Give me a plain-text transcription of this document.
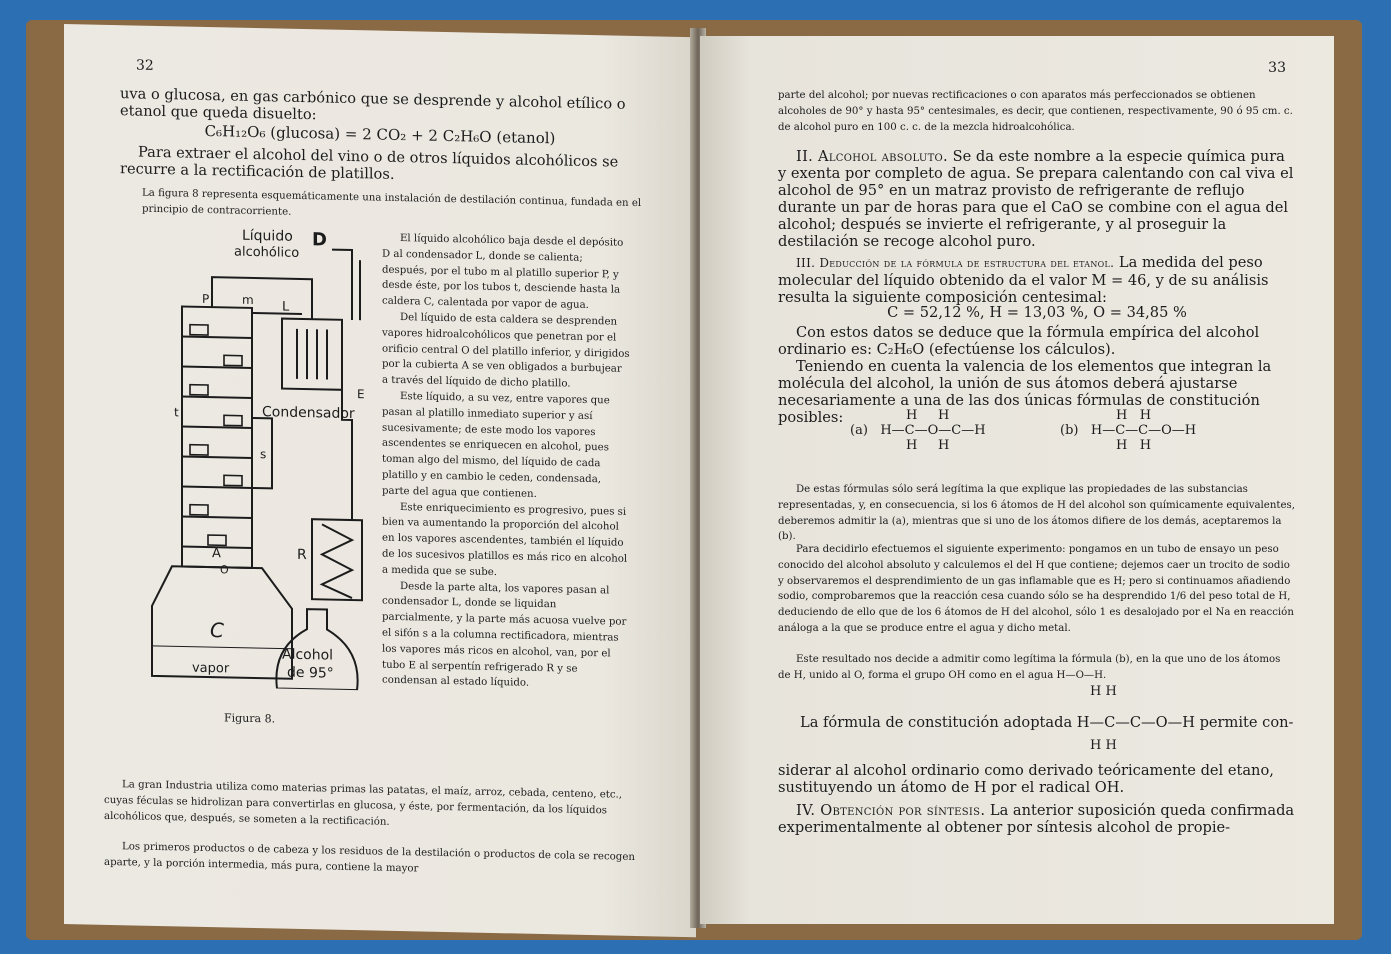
32
uva o glucosa, en gas carbónico que se desprende y alcohol etílico o etanol que queda disuelto:
C₆H₁₂O₆ (glucosa) = 2 CO₂ + 2 C₂H₆O (etanol)
Para extraer el alcohol del vino o de otros líquidos alcohólicos se recurre a la rectificación de platillos.
La figura 8 representa esquemáticamente una instalación de destilación continua, fundada en el principio de contracorriente.
Líquido
alcohólico
D
L
m
P
t
E
Condensador
s
R
A
O
C
vapor
Alcohol
de 95°
Figura 8.

El líquido alcohólico baja desde el depósito D al condensador L, donde se calienta; después, por el tubo m al platillo superior P, y desde éste, por los tubos t, desciende hasta la caldera C, calentada por vapor de agua.

Del líquido de esta caldera se desprenden vapores hidroalcohólicos que penetran por el orificio central O del platillo inferior, y dirigidos por la cubierta A se ven obligados a burbujear a través del líquido de dicho platillo.

Este líquido, a su vez, entre vapores que pasan al platillo inmediato superior y así sucesivamente; de este modo los vapores ascendentes se enriquecen en alcohol, pues toman algo del mismo, del líquido de cada platillo y en cambio le ceden, condensada, parte del agua que contienen.

Este enriquecimiento es progresivo, pues si bien va aumentando la proporción del alcohol en los vapores ascendentes, también el líquido de los sucesivos platillos es más rico en alcohol a medida que se sube.

Desde la parte alta, los vapores pasan al condensador L, donde se liquidan parcialmente, y la parte más acuosa vuelve por el sifón s a la columna rectificadora, mientras los vapores más ricos en alcohol, van, por el tubo E al serpentín refrigerado R y se condensan al estado líquido.

La gran Industria utiliza como materias primas las patatas, el maíz, arroz, cebada, centeno, etc., cuyas féculas se hidrolizan para convertirlas en glucosa, y éste, por fermentación, da los líquidos alcohólicos que, después, se someten a la rectificación.
Los primeros productos o de cabeza y los residuos de la destilación o productos de cola se recogen aparte, y la porción intermedia, más pura, contiene la mayor
33
parte del alcohol; por nuevas rectificaciones o con aparatos más perfeccionados se obtienen alcoholes de 90° y hasta 95° centesimales, es decir, que contienen, respectivamente, 90 ó 95 cm. c. de alcohol puro en 100 c. c. de la mezcla hidroalcohólica.
II. Alcohol absoluto. Se da este nombre a la especie química pura y exenta por completo de agua. Se prepara calentando con cal viva el alcohol de 95° en un matraz provisto de refrigerante de reflujo durante un par de horas para que el CaO se combine con el agua del alcohol; después se invierte el refrigerante, y al proseguir la destilación se recoge alcohol puro.
III. Deducción de la fórmula de estructura del etanol. La medida del peso molecular del líquido obtenido da el valor M = 46, y de su análisis resulta la siguiente composición centesimal:
C = 52,12 %, H = 13,03 %, O = 34,85 %
Con estos datos se deduce que la fórmula empírica del alcohol ordinario es: C₂H₆O (efectúense los cálculos).
Teniendo en cuenta la valencia de los elementos que integran la molécula del alcohol, la unión de sus átomos deberá ajustarse necesariamente a una de las dos únicas fórmulas de constitución posibles:	H     H
(a) H—C—O—C—H
H     H
H   H
(b) H—C—C—O—H
H   H
De estas fórmulas sólo será legítima la que explique las propiedades de las substancias representadas, y, en consecuencia, si los 6 átomos de H del alcohol son químicamente equivalentes, deberemos admitir la (a), mientras que si uno de los átomos difiere de los demás, aceptaremos la (b).
Para decidirlo efectuemos el siguiente experimento: pongamos en un tubo de ensayo un peso conocido del alcohol absoluto y calculemos el del H que contiene; dejemos caer un trocito de sodio y observaremos el desprendimiento de un gas inflamable que es H; pero si continuamos añadiendo sodio, comprobaremos que la reacción cesa cuando sólo se ha desprendido 1/6 del peso total de H, deduciendo de ello que de los 6 átomos de H del alcohol, sólo 1 es desalojado por el Na en reacción análoga a la que se produce entre el agua y dicho metal.
Este resultado nos decide a admitir como legítima la fórmula (b), en la que uno de los átomos de H, unido al O, forma el grupo OH como en el agua H—O—H.
H H
La fórmula de constitución adoptada H—C—C—O—H permite con-
H H
siderar al alcohol ordinario como derivado teóricamente del etano, sustituyendo un átomo de H por el radical OH.
IV. Obtención por síntesis. La anterior suposición queda confirmada experimentalmente al obtener por síntesis alcohol de propie-
